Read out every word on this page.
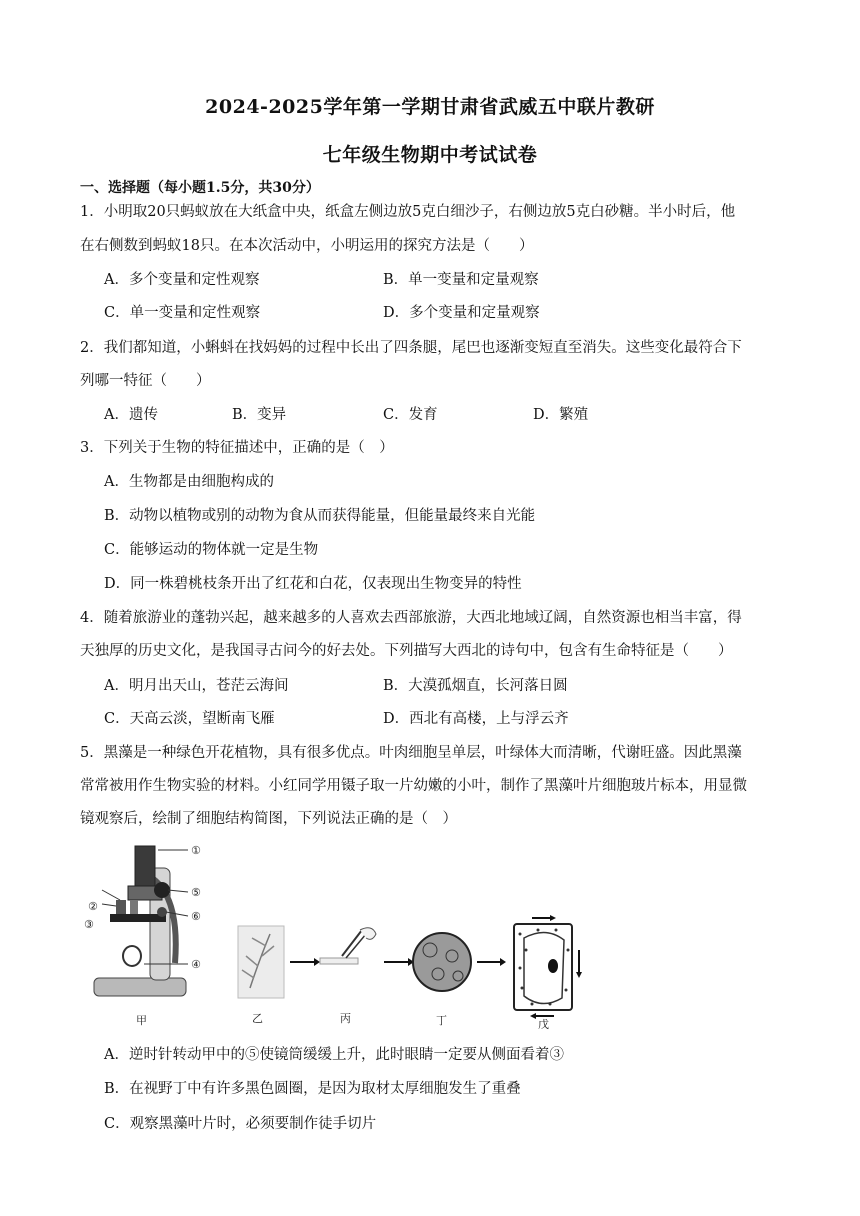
2024-2025学年第一学期甘肃省武威五中联片教研
七年级生物期中考试试卷
一、选择题（每小题1.5分，共30分）
1．小明取20只蚂蚁放在大纸盒中央，纸盒左侧边放5克白细沙子，右侧边放5克白砂糖。半小时后，他
在右侧数到蚂蚁18只。在本次活动中，小明运用的探究方法是（　　）
A．多个变量和定性观察	B．单一变量和定量观察
C．单一变量和定性观察	D．多个变量和定量观察
2．我们都知道，小蝌蚪在找妈妈的过程中长出了四条腿，尾巴也逐渐变短直至消失。这些变化最符合下
列哪一特征（　　）
A．遗传	B．变异	C．发育	D．繁殖
3．下列关于生物的特征描述中，正确的是（　）
A．生物都是由细胞构成的
B．动物以植物或别的动物为食从而获得能量，但能量最终来自光能
C．能够运动的物体就一定是生物
D．同一株碧桃枝条开出了红花和白花，仅表现出生物变异的特性
4．随着旅游业的蓬勃兴起，越来越多的人喜欢去西部旅游，大西北地域辽阔，自然资源也相当丰富，得
天独厚的历史文化，是我国寻古问今的好去处。下列描写大西北的诗句中，包含有生命特征是（　　）
A．明月出天山，苍茫云海间	B．大漠孤烟直，长河落日圆
C．天高云淡，望断南飞雁	D．西北有高楼，上与浮云齐
5．黑藻是一种绿色开花植物，具有很多优点。叶肉细胞呈单层，叶绿体大而清晰，代谢旺盛。因此黑藻
常常被用作生物实验的材料。小红同学用镊子取一片幼嫩的小叶，制作了黑藻叶片细胞玻片标本，用显微
镜观察后，绘制了细胞结构简图，下列说法正确的是（　）
①
②
③
④
⑤
⑥
甲	乙	丙	丁	戊
A．逆时针转动甲中的⑤使镜筒缓缓上升，此时眼睛一定要从侧面看着③
B．在视野丁中有许多黑色圆圈，是因为取材太厚细胞发生了重叠
C．观察黑藻叶片时，必须要制作徒手切片
